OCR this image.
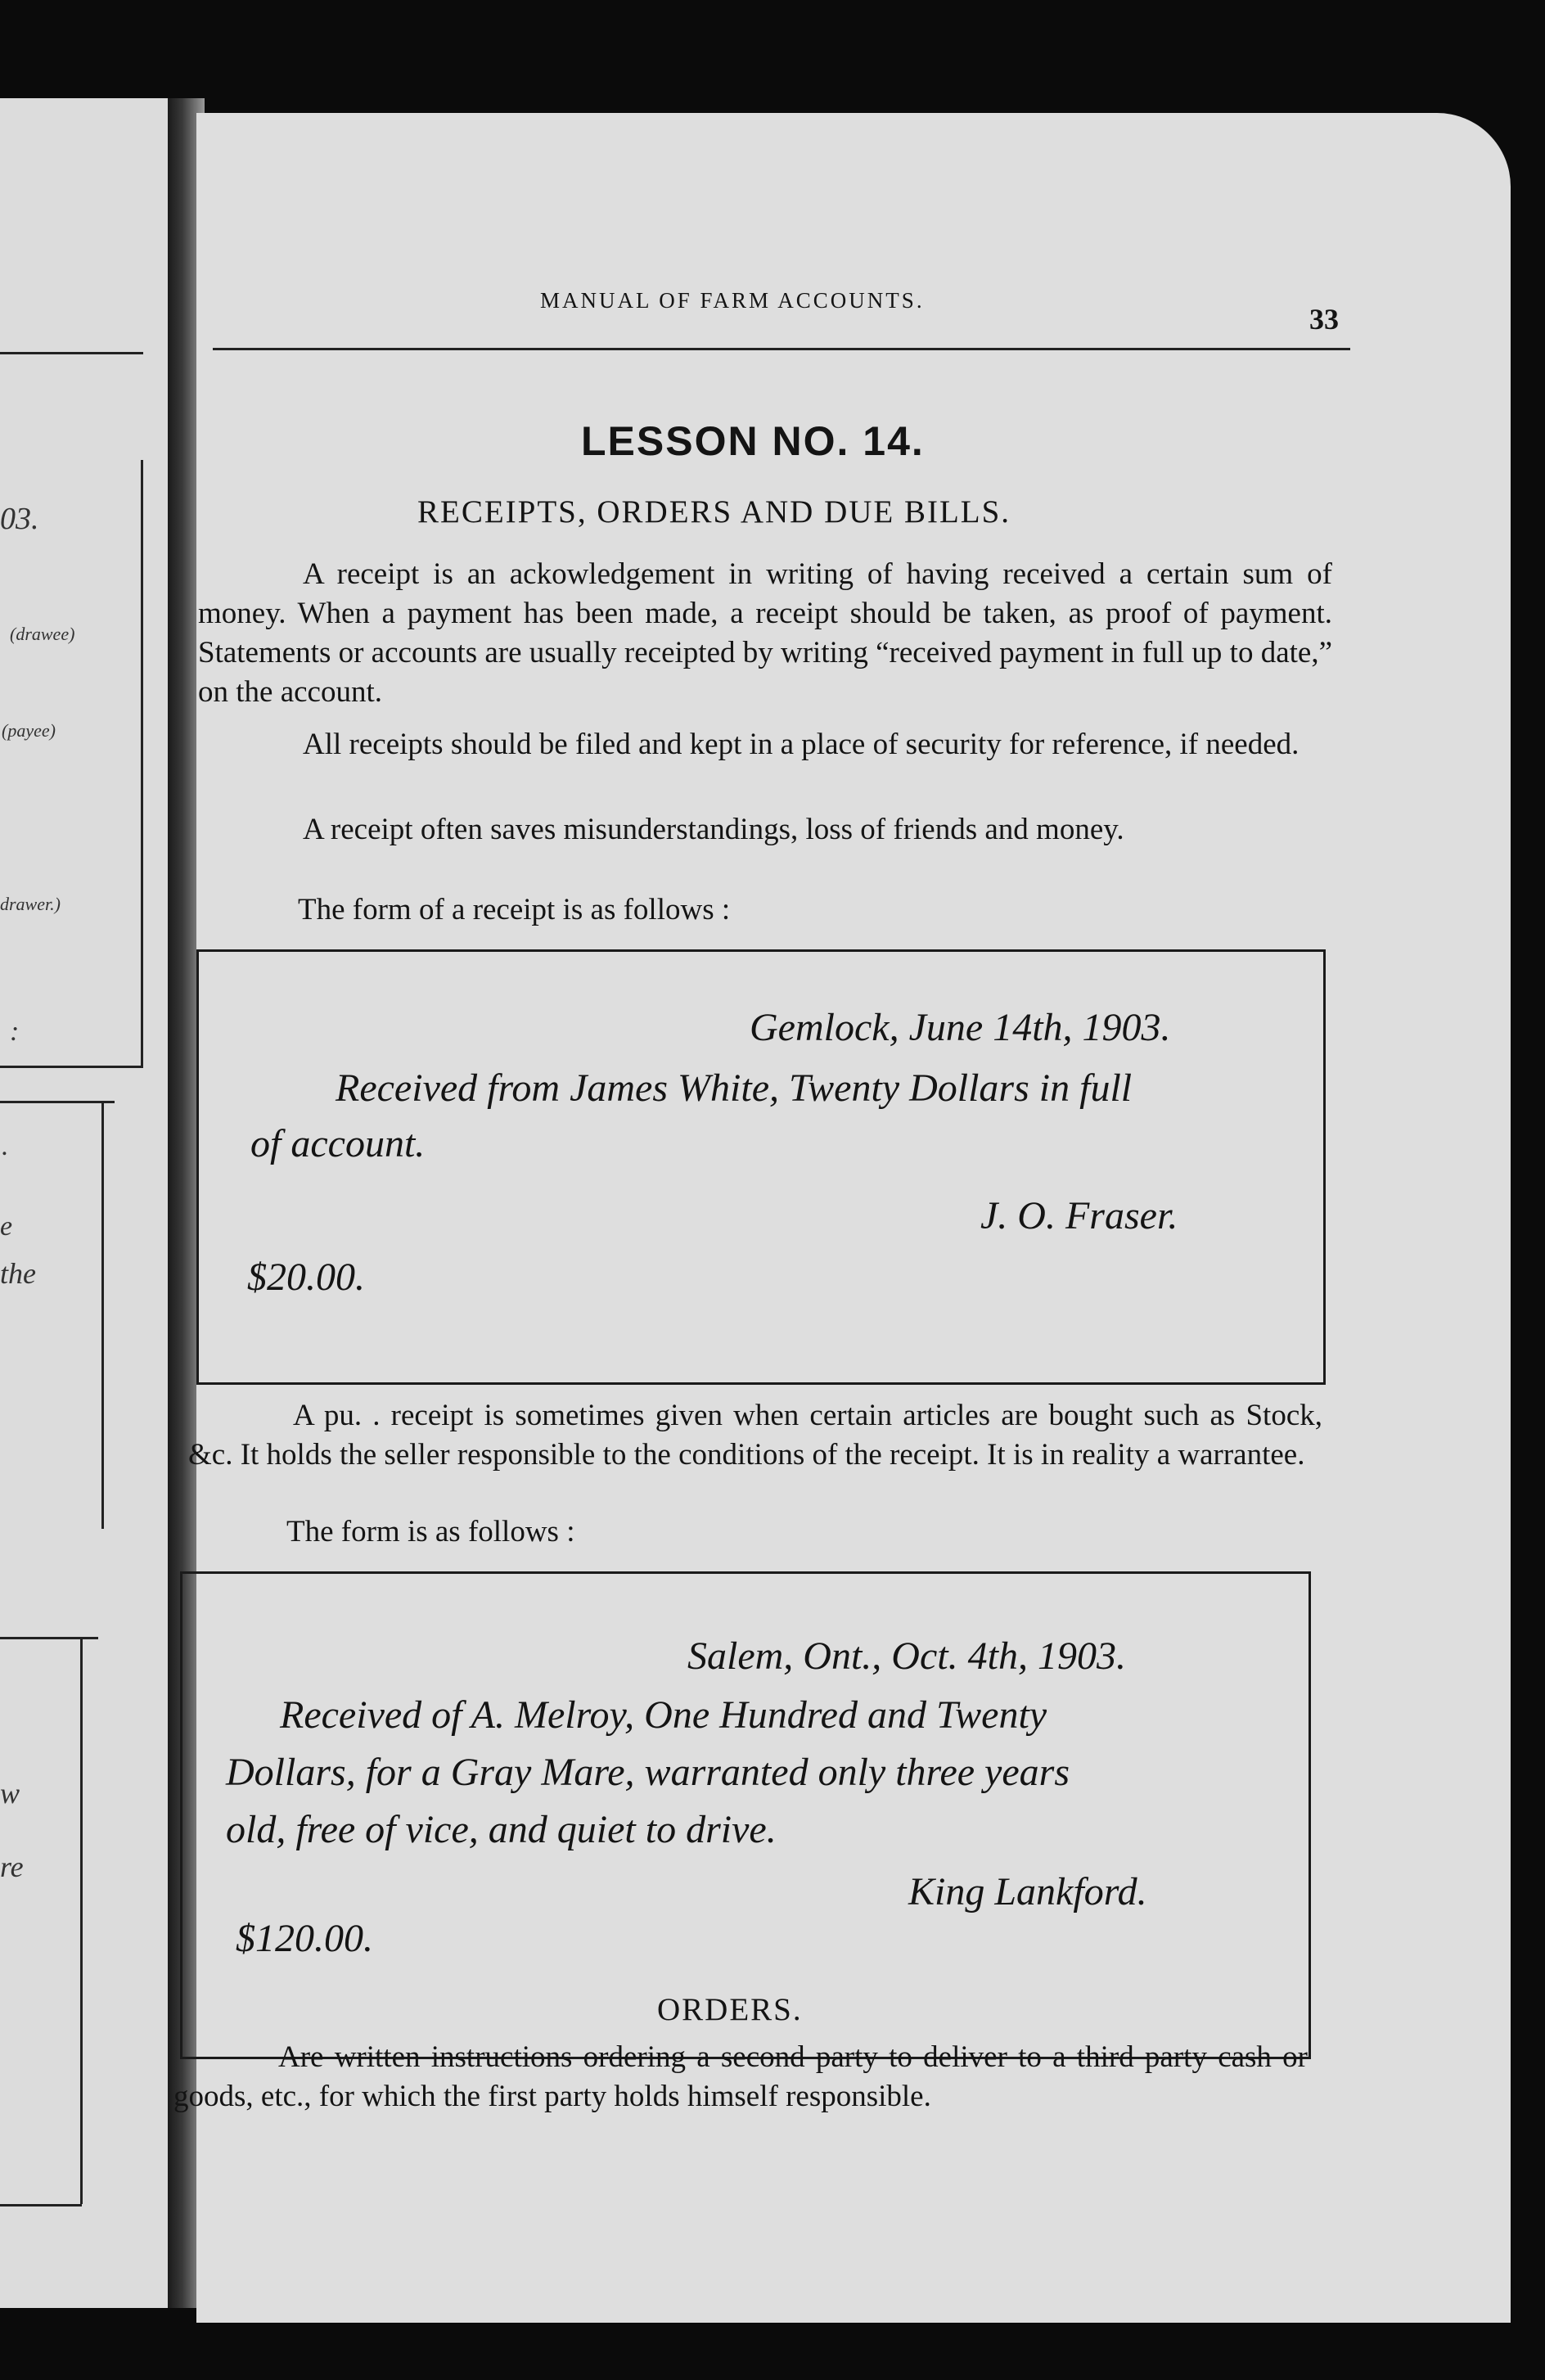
03.
(drawee)
(payee)
drawer.)
:
.
e
the
w
re
MANUAL OF FARM ACCOUNTS.
33
LESSON NO. 14.
RECEIPTS, ORDERS AND DUE BILLS.
A receipt is an ackowledgement in writing of having received a certain sum of money. When a payment has been made, a receipt should be taken, as proof of payment. Statements or accounts are usually receipted by writing “received payment in full up to date,” on the account.
All receipts should be filed and kept in a place of security for reference, if needed.
A receipt often saves misunderstandings, loss of friends and money.
The form of a receipt is as follows :
Gemlock, June 14th, 1903.
Received from James White, Twenty Dollars in full
of account.
J. O. Fraser.
$20.00.
A pu. . receipt is sometimes given when certain articles are bought such as Stock, &c. It holds the seller responsible to the conditions of the receipt. It is in reality a warrantee.
The form is as follows :
Salem, Ont., Oct. 4th, 1903.
Received of A. Melroy, One Hundred and Twenty
Dollars, for a Gray Mare, warranted only three years
old, free of vice, and quiet to drive.
King Lankford.
$120.00.
ORDERS.
Are written instructions ordering a second party to deliver to a third party cash or goods, etc., for which the first party holds himself responsible.
